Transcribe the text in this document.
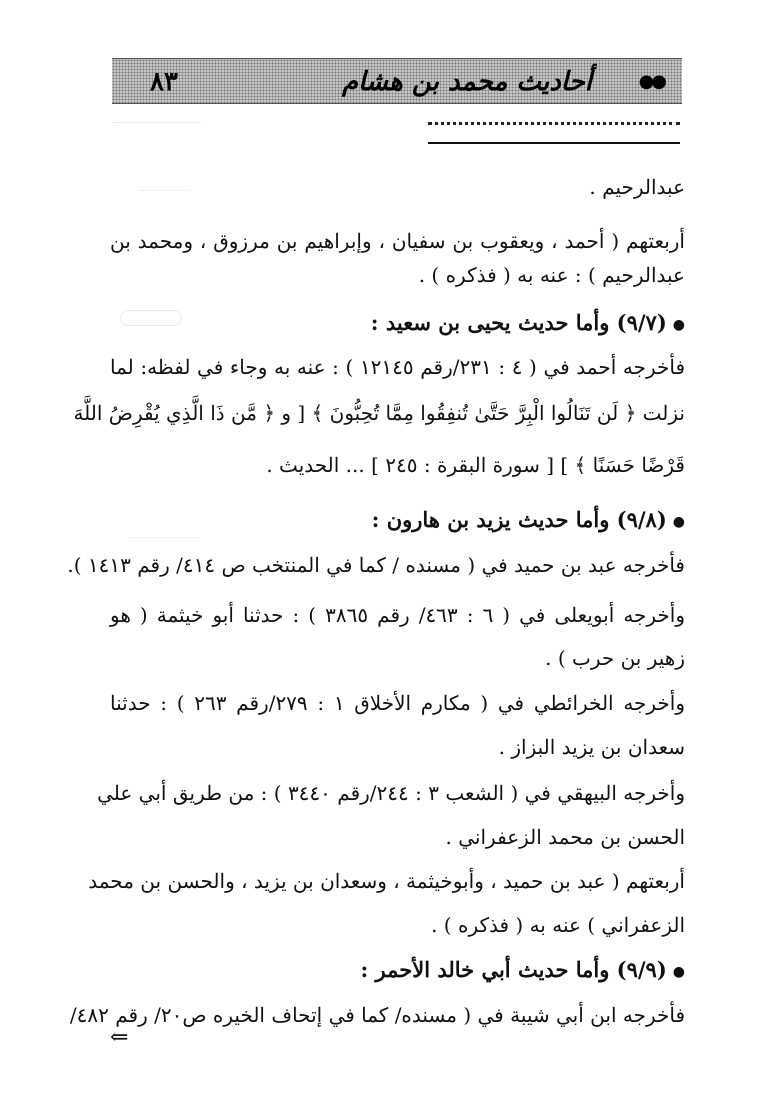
٨٣	أحاديث محمد بن هشام	●●
عبدالرحيم .
أربعتهم ( أحمد ، ويعقوب بن سفيان ، وإبراهيم بن مرزوق ، ومحمد بن
عبدالرحيم ) : عنه به ( فذكره ) .
●(٩/٧) وأما حديث يحيى بن سعيد :
فأخرجه أحمد في ( ٤ : ٢٣١/رقم ١٢١٤٥ ) : عنه به وجاء في لفظه: لما
نزلت ﴿ لَن تَنَالُوا الْبِرَّ حَتَّىٰ تُنفِقُوا مِمَّا تُحِبُّونَ ﴾ [ و ﴿ مَّن ذَا الَّذِي يُقْرِضُ اللَّهَ
قَرْضًا حَسَنًا ﴾ ] [ سورة البقرة : ٢٤٥ ] ... الحديث .
●(٩/٨) وأما حديث يزيد بن هارون :
فأخرجه عبد بن حميد في ( مسنده / كما في المنتخب ص ٤١٤/ رقم ١٤١٣ ).
وأخرجه أبويعلى في ( ٦ : ٤٦٣/ رقم ٣٨٦٥ ) : حدثنا أبو خيثمة ( هو
زهير بن حرب ) .
وأخرجه الخرائطي في ( مكارم الأخلاق ١ : ٢٧٩/رقم ٢٦٣ ) : حدثنا
سعدان بن يزيد البزاز .
وأخرجه البيهقي في ( الشعب ٣ : ٢٤٤/رقم ٣٤٤٠ ) : من طريق أبي علي
الحسن بن محمد الزعفراني .
أربعتهم ( عبد بن حميد ، وأبوخيثمة ، وسعدان بن يزيد ، والحسن بن محمد
الزعفراني ) عنه به ( فذكره ) .
●(٩/٩) وأما حديث أبي خالد الأحمر :
فأخرجه ابن أبي شيبة في ( مسنده/ كما في إتحاف الخيره ص٢٠/ رقم ٤٨٢/
⇐
